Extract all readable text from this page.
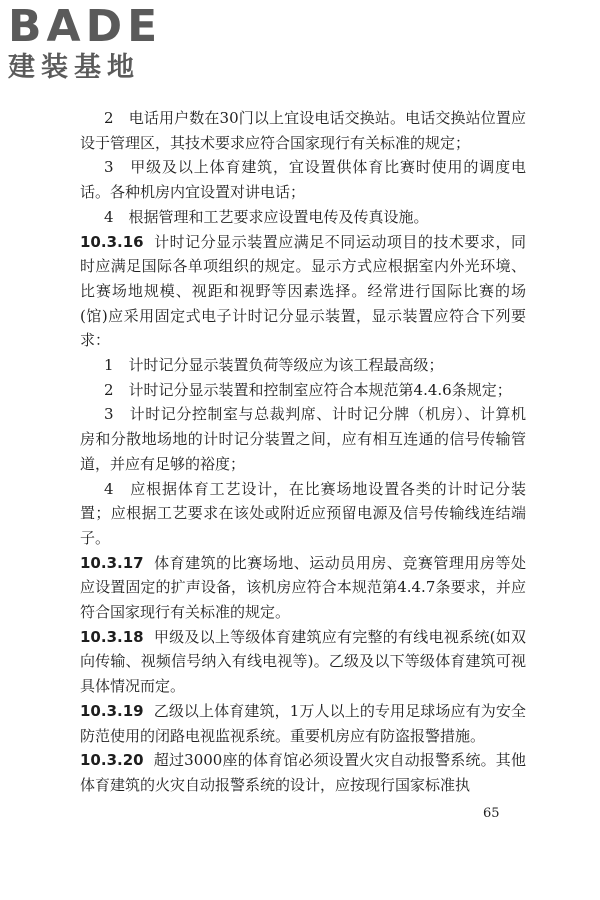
BADE
建装基地

2　电话用户数在30门以上宜设电话交换站。电话交换站位置应设于管理区，其技术要求应符合国家现行有关标准的规定；

3　甲级及以上体育建筑，宜设置供体育比赛时使用的调度电话。各种机房内宜设置对讲电话；

4　根据管理和工艺要求应设置电传及传真设施。

10.3.16 计时记分显示装置应满足不同运动项目的技术要求，同时应满足国际各单项组织的规定。显示方式应根据室内外光环境、比赛场地规模、视距和视野等因素选择。经常进行国际比赛的场(馆)应采用固定式电子计时记分显示装置，显示装置应符合下列要求：

1　计时记分显示装置负荷等级应为该工程最高级；

2　计时记分显示装置和控制室应符合本规范第4.4.6条规定；

3　计时记分控制室与总裁判席、计时记分牌（机房）、计算机房和分散地场地的计时记分装置之间，应有相互连通的信号传输管道，并应有足够的裕度；

4　应根据体育工艺设计，在比赛场地设置各类的计时记分装置；应根据工艺要求在该处或附近应预留电源及信号传输线连结端子。

10.3.17 体育建筑的比赛场地、运动员用房、竞赛管理用房等处应设置固定的扩声设备，该机房应符合本规范第4.4.7条要求，并应符合国家现行有关标准的规定。

10.3.18 甲级及以上等级体育建筑应有完整的有线电视系统(如双向传输、视频信号纳入有线电视等)。乙级及以下等级体育建筑可视具体情况而定。

10.3.19 乙级以上体育建筑，1万人以上的专用足球场应有为安全防范使用的闭路电视监视系统。重要机房应有防盗报警措施。

10.3.20 超过3000座的体育馆必须设置火灾自动报警系统。其他体育建筑的火灾自动报警系统的设计，应按现行国家标准执

65
